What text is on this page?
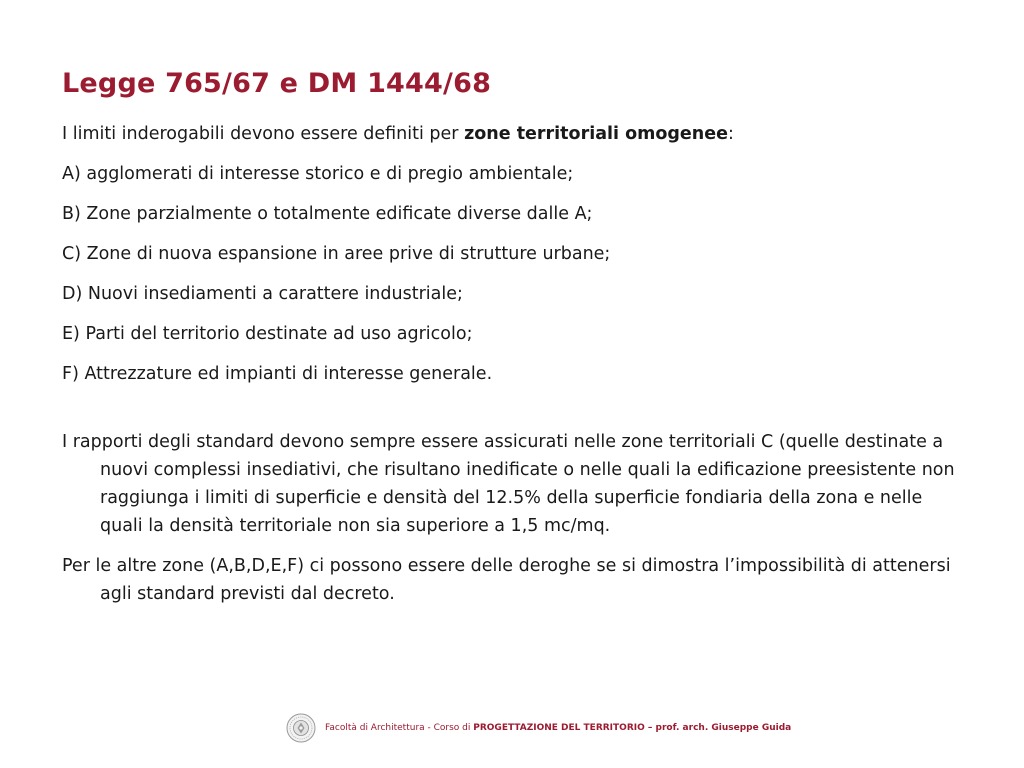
Legge 765/67 e DM 1444/68

I limiti inderogabili devono essere definiti per zone territoriali omogenee:

A) agglomerati di interesse storico e di pregio ambientale;

B) Zone parzialmente o totalmente edificate diverse dalle A;

C) Zone di nuova espansione in aree prive di strutture urbane;

D) Nuovi insediamenti a carattere industriale;

E) Parti del territorio destinate ad uso agricolo;

F) Attrezzature ed impianti di interesse generale.

I rapporti degli standard devono sempre essere assicurati nelle zone territoriali C (quelle destinate a nuovi complessi insediativi, che risultano inedificate o nelle quali la edificazione preesistente non raggiunga i limiti di superficie e densità del 12.5% della superficie fondiaria della zona e nelle quali la densità territoriale non sia superiore a 1,5 mc/mq.

Per le altre zone (A,B,D,E,F) ci possono essere delle deroghe se si dimostra l’impossibilità di attenersi agli standard previsti dal decreto.

Facoltà di Architettura - Corso di PROGETTAZIONE DEL TERRITORIO – prof. arch. Giuseppe Guida
